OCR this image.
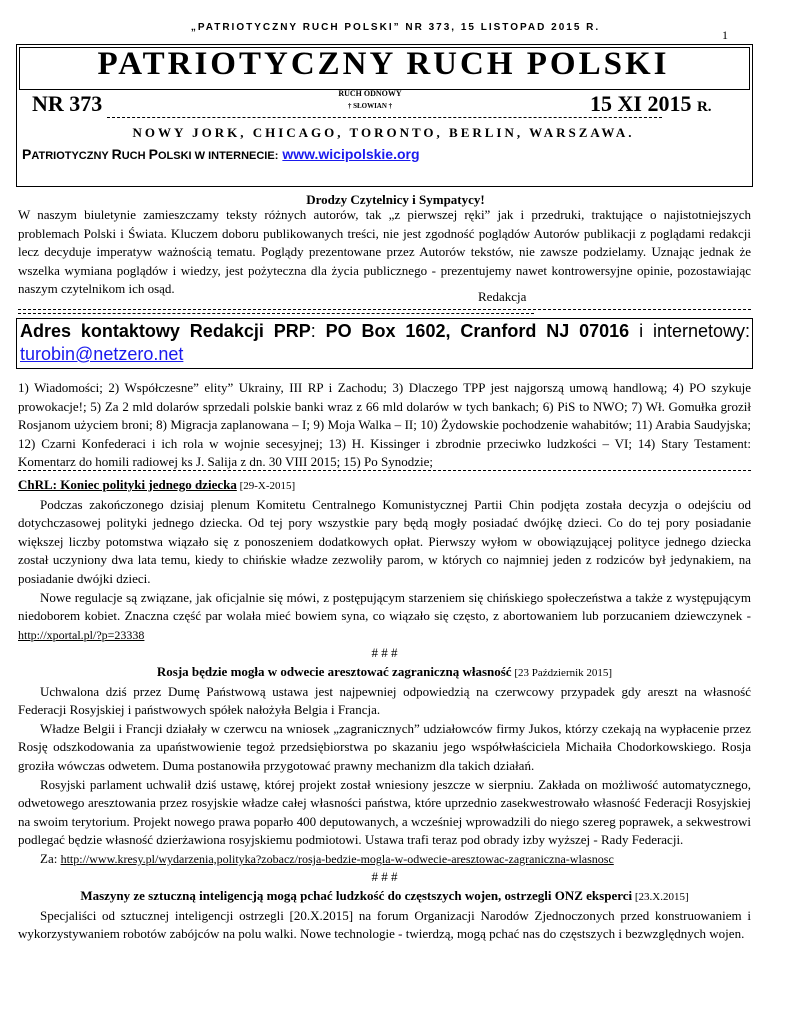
„PATRIOTYCZNY RUCH POLSKI” NR 373, 15 LISTOPAD 2015 R.
1
PATRIOTYCZNY RUCH POLSKI
NR 373	RUCH ODNOWY
† SŁOWIAN †	15 XI 2015 R.
NOWY JORK, CHICAGO, TORONTO, BERLIN, WARSZAWA.
PATRIOTYCZNY RUCH POLSKI W INTERNECIE: www.wicipolskie.org
Drodzy Czytelnicy i Sympatycy!
W naszym biuletynie zamieszczamy teksty różnych autorów, tak „z pierwszej ręki” jak i przedruki, traktujące o najistotniejszych problemach Polski i Świata. Kluczem doboru publikowanych treści, nie jest zgodność poglądów Autorów publikacji z poglądami redakcji lecz decyduje imperatyw ważnością tematu. Poglądy prezentowane przez Autorów tekstów, nie zawsze podzielamy. Uznając jednak że wszelka wymiana poglądów i wiedzy, jest pożyteczna dla życia publicznego - prezentujemy nawet kontrowersyjne opinie, pozostawiając naszym czytelnikom ich osąd.
Redakcja
Adres kontaktowy Redakcji PRP: PO Box 1602, Cranford NJ 07016 i internetowy: turobin@netzero.net
1) Wiadomości; 2) Współczesne” elity” Ukrainy, III RP i Zachodu; 3) Dlaczego TPP jest najgorszą umową handlową; 4) PO szykuje prowokacje!; 5) Za 2 mld dolarów sprzedali polskie banki wraz z 66 mld dolarów w tych bankach; 6) PiS to NWO; 7) Wł. Gomułka groził Rosjanom użyciem broni; 8) Migracja zaplanowana – I; 9) Moja Walka – II; 10) Żydowskie pochodzenie wahabitów; 11) Arabia Saudyjska; 12) Czarni Konfederaci i ich rola w wojnie secesyjnej; 13) H. Kissinger i zbrodnie przeciwko ludzkości – VI; 14) Stary Testament: Komentarz do homili radiowej ks J. Salija z dn. 30 VIII 2015; 15) Po Synodzie;

ChRL: Koniec polityki jednego dziecka [29-X-2015]

Podczas zakończonego dzisiaj plenum Komitetu Centralnego Komunistycznej Partii Chin podjęta została decyzja o odejściu od dotychczasowej polityki jednego dziecka. Od tej pory wszystkie pary będą mogły posiadać dwójkę dzieci. Co do tej pory posiadanie większej liczby potomstwa wiązało się z ponoszeniem dodatkowych opłat. Pierwszy wyłom w obowiązującej polityce jednego dziecka został uczyniony dwa lata temu, kiedy to chińskie władze zezwoliły parom, w których co najmniej jeden z rodziców był jedynakiem, na posiadanie dwójki dzieci.

Nowe regulacje są związane, jak oficjalnie się mówi, z postępującym starzeniem się chińskiego społeczeństwa a także z występującym niedoborem kobiet. Znaczna część par wolała mieć bowiem syna, co wiązało się często, z abortowaniem lub porzucaniem dziewczynek - http://xportal.pl/?p=23338

# # #

Rosja będzie mogła w odwecie aresztować zagraniczną własność [23 Październik 2015]

Uchwalona dziś przez Dumę Państwową ustawa jest najpewniej odpowiedzią na czerwcowy przypadek gdy areszt na własność Federacji Rosyjskiej i państwowych spółek nałożyła Belgia i Francja.

Władze Belgii i Francji działały w czerwcu na wniosek „zagranicznych” udziałowców firmy Jukos, którzy czekają na wypłacenie przez Rosję odszkodowania za upaństwowienie tegoż przedsiębiorstwa po skazaniu jego współwłaściciela Michaiła Chodorkowskiego. Rosja groziła wówczas odwetem. Duma postanowiła przygotować prawny mechanizm dla takich działań.

Rosyjski parlament uchwalił dziś ustawę, której projekt został wniesiony jeszcze w sierpniu. Zakłada on możliwość automatycznego, odwetowego aresztowania przez rosyjskie władze całej własności państwa, które uprzednio zasekwestrowało własność Federacji Rosyjskiej na swoim terytorium. Projekt nowego prawa poparło 400 deputowanych, a wcześniej wprowadzili do niego szereg poprawek, a sekwestrowi podlegać będzie własność dzierżawiona rosyjskiemu podmiotowi. Ustawa trafi teraz pod obrady izby wyższej - Rady Federacji.

Za: http://www.kresy.pl/wydarzenia,polityka?zobacz/rosja-bedzie-mogla-w-odwecie-aresztowac-zagraniczna-wlasnosc

# # #

Maszyny ze sztuczną inteligencją mogą pchać ludzkość do częstszych wojen, ostrzegli ONZ eksperci [23.X.2015]

Specjaliści od sztucznej inteligencji ostrzegli [20.X.2015] na forum Organizacji Narodów Zjednoczonych przed konstruowaniem i wykorzystywaniem robotów zabójców na polu walki. Nowe technologie - twierdzą, mogą pchać nas do częstszych i bezwzględnych wojen.
